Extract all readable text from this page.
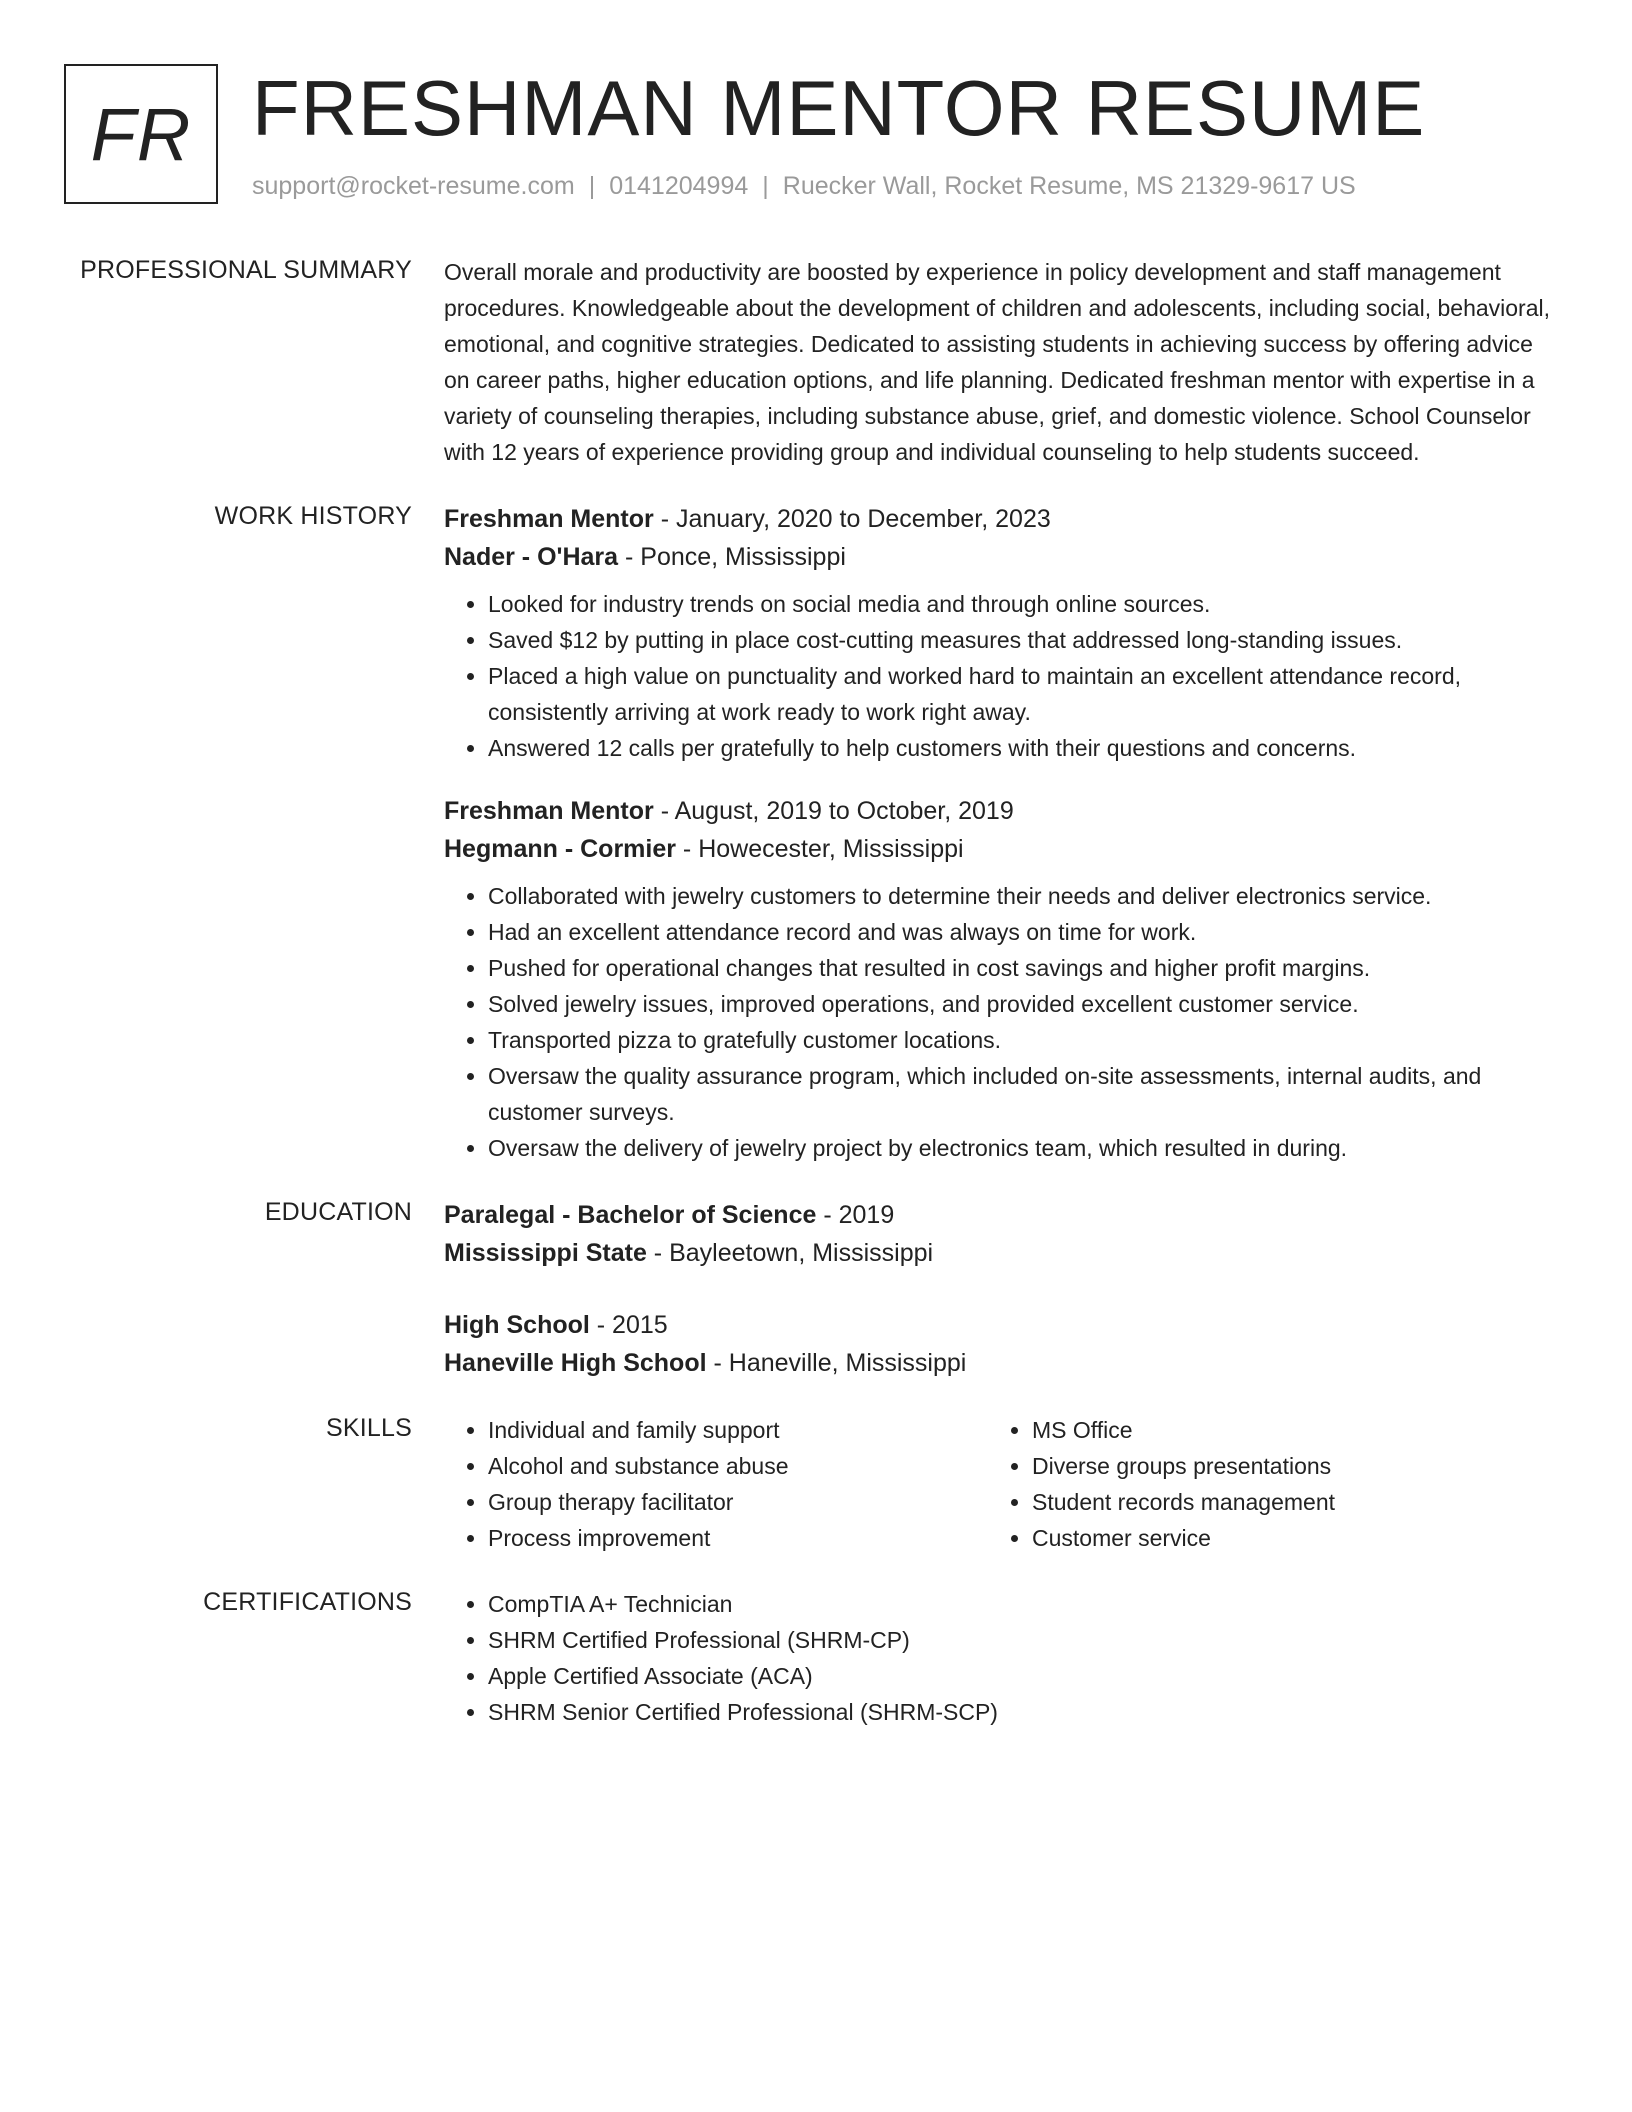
FR FRESHMAN MENTOR RESUME
support@rocket-resume.com | 0141204994 | Ruecker Wall, Rocket Resume, MS 21329-9617 US
PROFESSIONAL SUMMARY Overall morale and productivity are boosted by experience in policy development and staff management procedures. Knowledgeable about the development of children and adolescents, including social, behavioral, emotional, and cognitive strategies. Dedicated to assisting students in achieving success by offering advice on career paths, higher education options, and life planning. Dedicated freshman mentor with expertise in a variety of counseling therapies, including substance abuse, grief, and domestic violence. School Counselor with 12 years of experience providing group and individual counseling to help students succeed.

WORK HISTORY Freshman Mentor - January, 2020 to December, 2023
Nader - O'Hara - Ponce, Mississippi
• Looked for industry trends on social media and through online sources.
• Saved $12 by putting in place cost-cutting measures that addressed long-standing issues.
• Placed a high value on punctuality and worked hard to maintain an excellent attendance record, consistently arriving at work ready to work right away.
• Answered 12 calls per gratefully to help customers with their questions and concerns.
Freshman Mentor - August, 2019 to October, 2019
Hegmann - Cormier - Howecester, Mississippi
• Collaborated with jewelry customers to determine their needs and deliver electronics service.
• Had an excellent attendance record and was always on time for work.
• Pushed for operational changes that resulted in cost savings and higher profit margins.
• Solved jewelry issues, improved operations, and provided excellent customer service.
• Transported pizza to gratefully customer locations.
• Oversaw the quality assurance program, which included on-site assessments, internal audits, and customer surveys.
• Oversaw the delivery of jewelry project by electronics team, which resulted in during.
EDUCATION Paralegal - Bachelor of Science - 2019
Mississippi State - Bayleetown, Mississippi
High School - 2015
Haneville High School - Haneville, Mississippi
SKILLS	• Individual and family support
• Alcohol and substance abuse
• Group therapy facilitator
• Process improvement
• MS Office
• Diverse groups presentations
• Student records management
• Customer service
CERTIFICATIONS	• CompTIA A+ Technician
• SHRM Certified Professional (SHRM-CP)
• Apple Certified Associate (ACA)
• SHRM Senior Certified Professional (SHRM-SCP)
